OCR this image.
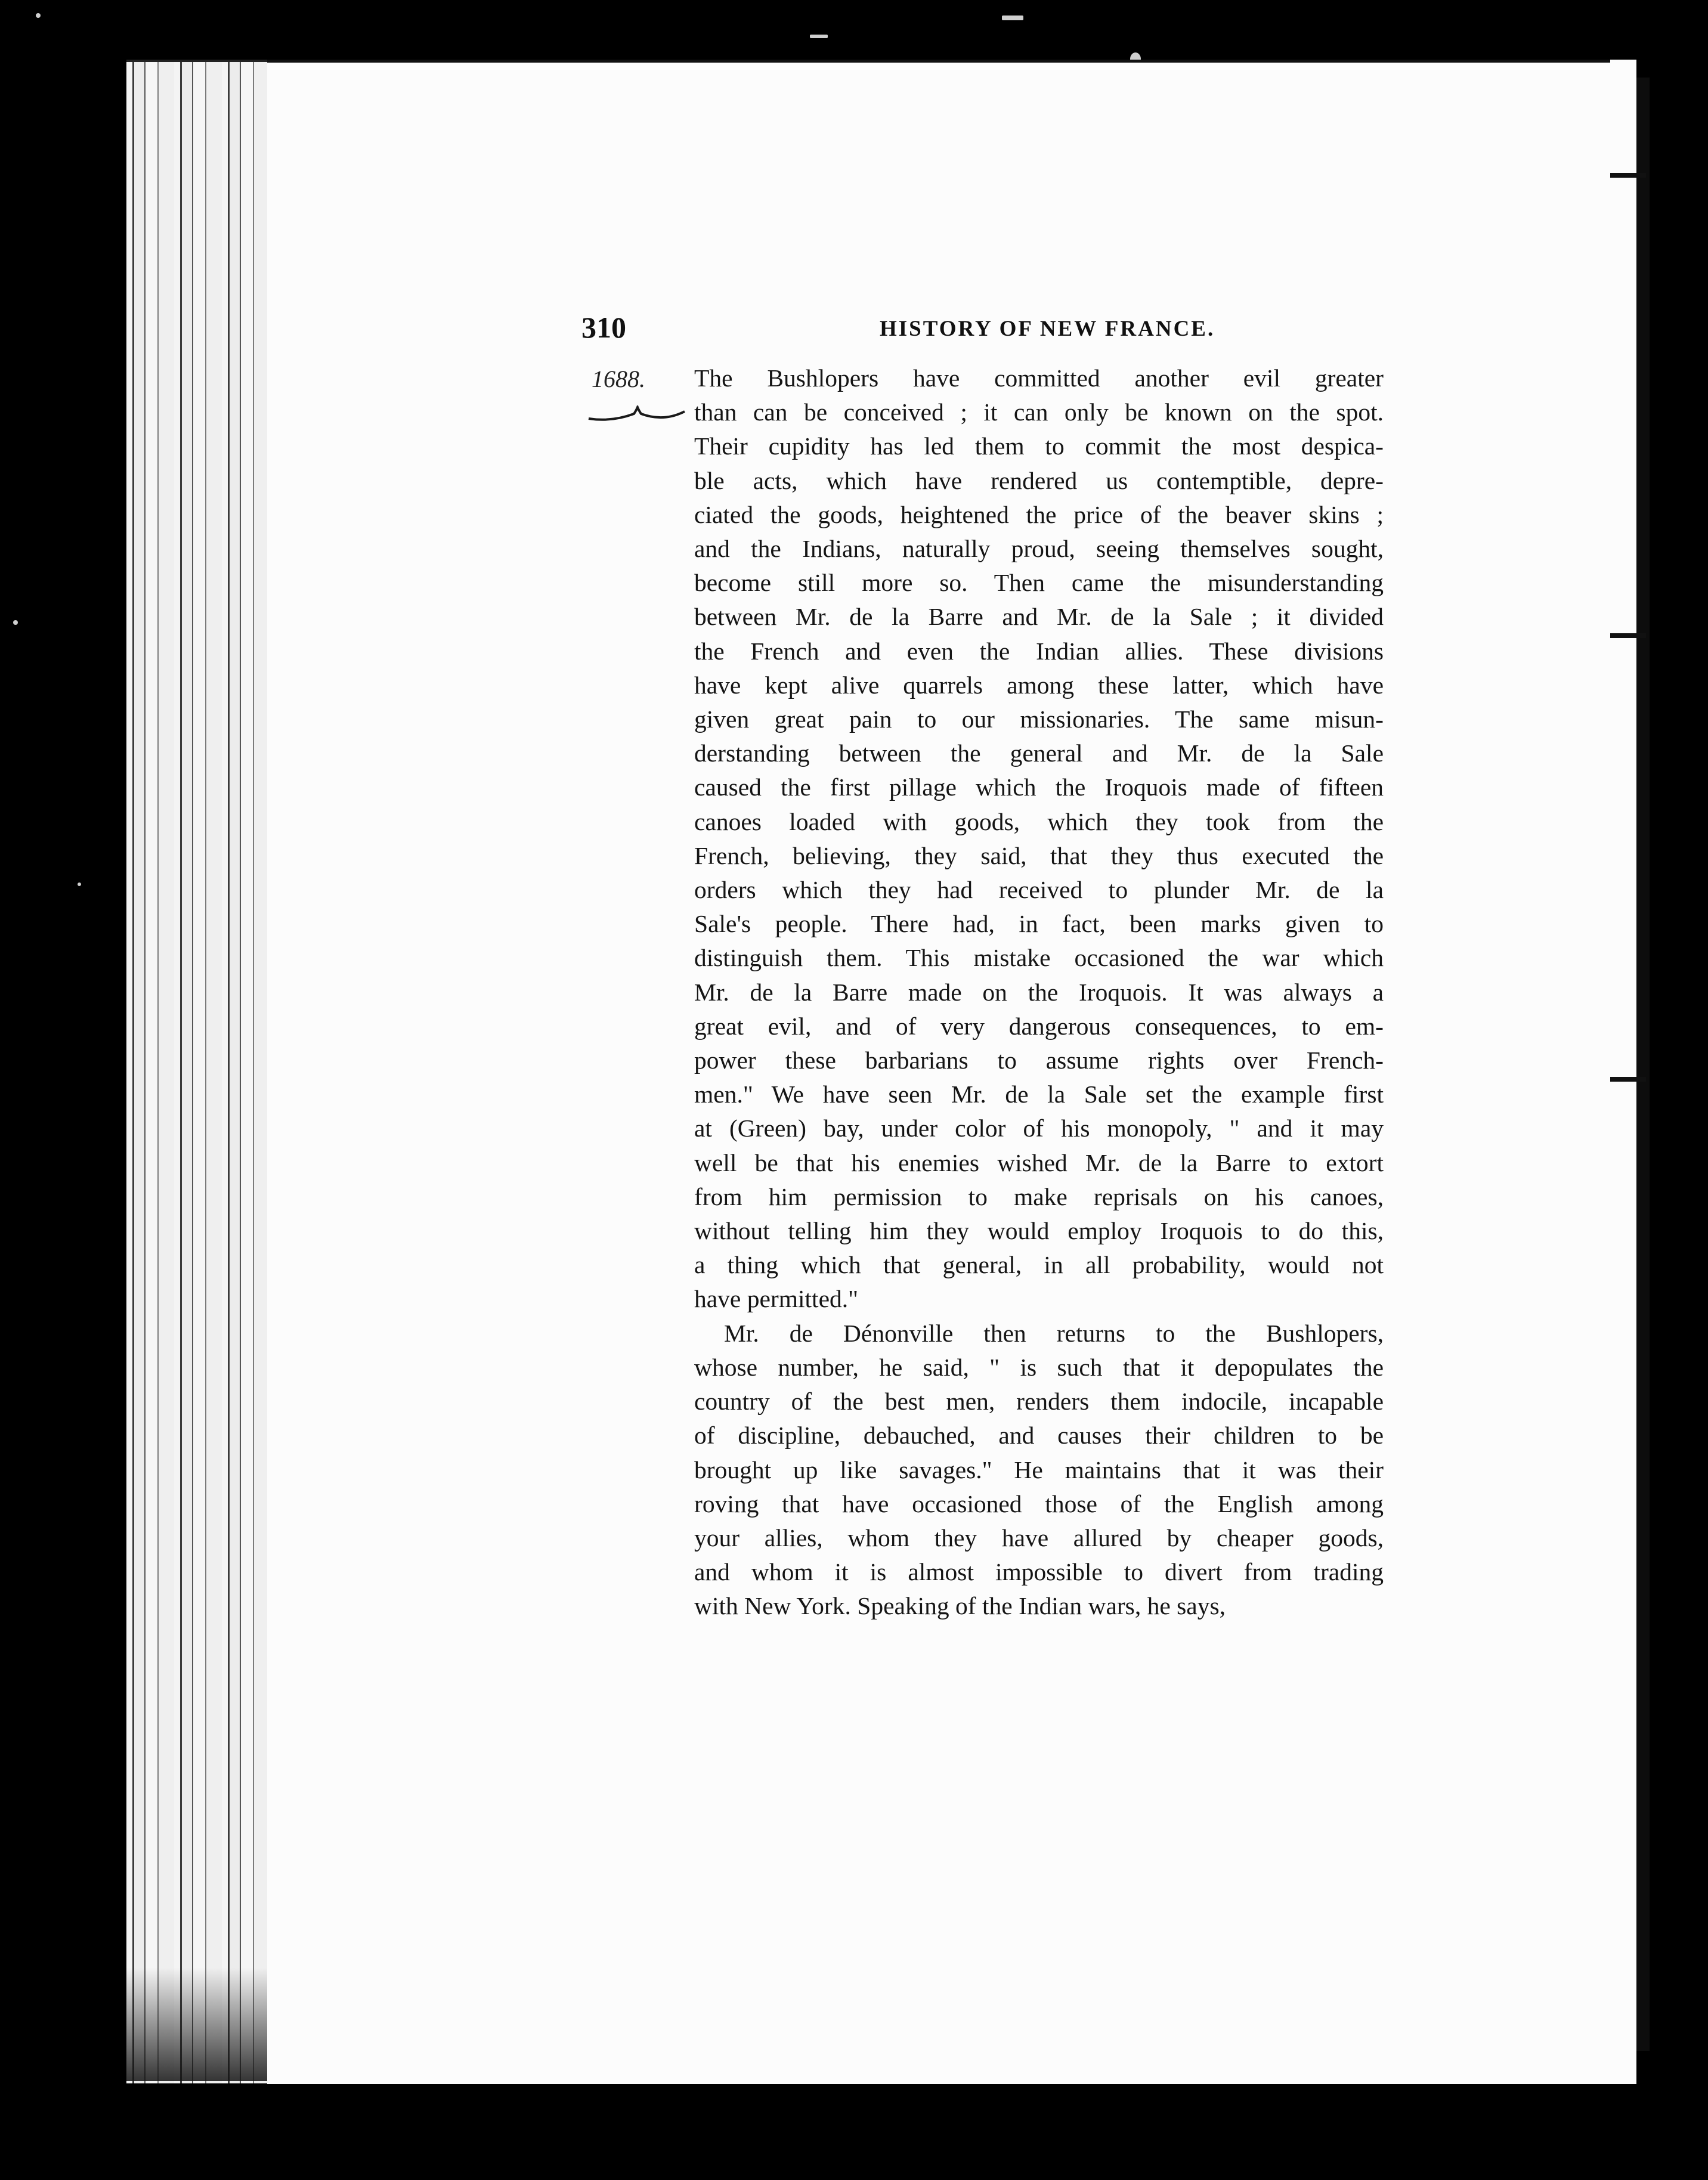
310	HISTORY OF NEW FRANCE.
1688. The Bushlopers have committed another evil greater
than can be conceived ; it can only be known on the spot.
Their cupidity has led them to commit the most despica-
ble acts, which have rendered us contemptible, depre-
ciated the goods, heightened the price of the beaver skins ;
and the Indians, naturally proud, seeing themselves sought,
become still more so. Then came the misunderstanding
between Mr. de la Barre and Mr. de la Sale ; it divided
the French and even the Indian allies. These divisions
have kept alive quarrels among these latter, which have
given great pain to our missionaries. The same misun-
derstanding between the general and Mr. de la Sale
caused the first pillage which the Iroquois made of fifteen
canoes loaded with goods, which they took from the
French, believing, they said, that they thus executed the
orders which they had received to plunder Mr. de la
Sale's people. There had, in fact, been marks given to
distinguish them. This mistake occasioned the war which
Mr. de la Barre made on the Iroquois. It was always a
great evil, and of very dangerous consequences, to em-
power these barbarians to assume rights over French-
men." We have seen Mr. de la Sale set the example first
at (Green) bay, under color of his monopoly, " and it may
well be that his enemies wished Mr. de la Barre to extort
from him permission to make reprisals on his canoes,
without telling him they would employ Iroquois to do this,
a thing which that general, in all probability, would not
have permitted."

Mr. de Dénonville then returns to the Bushlopers,
whose number, he said, " is such that it depopulates the
country of the best men, renders them indocile, incapable
of discipline, debauched, and causes their children to be
brought up like savages." He maintains that it was their
roving that have occasioned those of the English among
your allies, whom they have allured by cheaper goods,
and whom it is almost impossible to divert from trading
with New York. Speaking of the Indian wars, he says,
